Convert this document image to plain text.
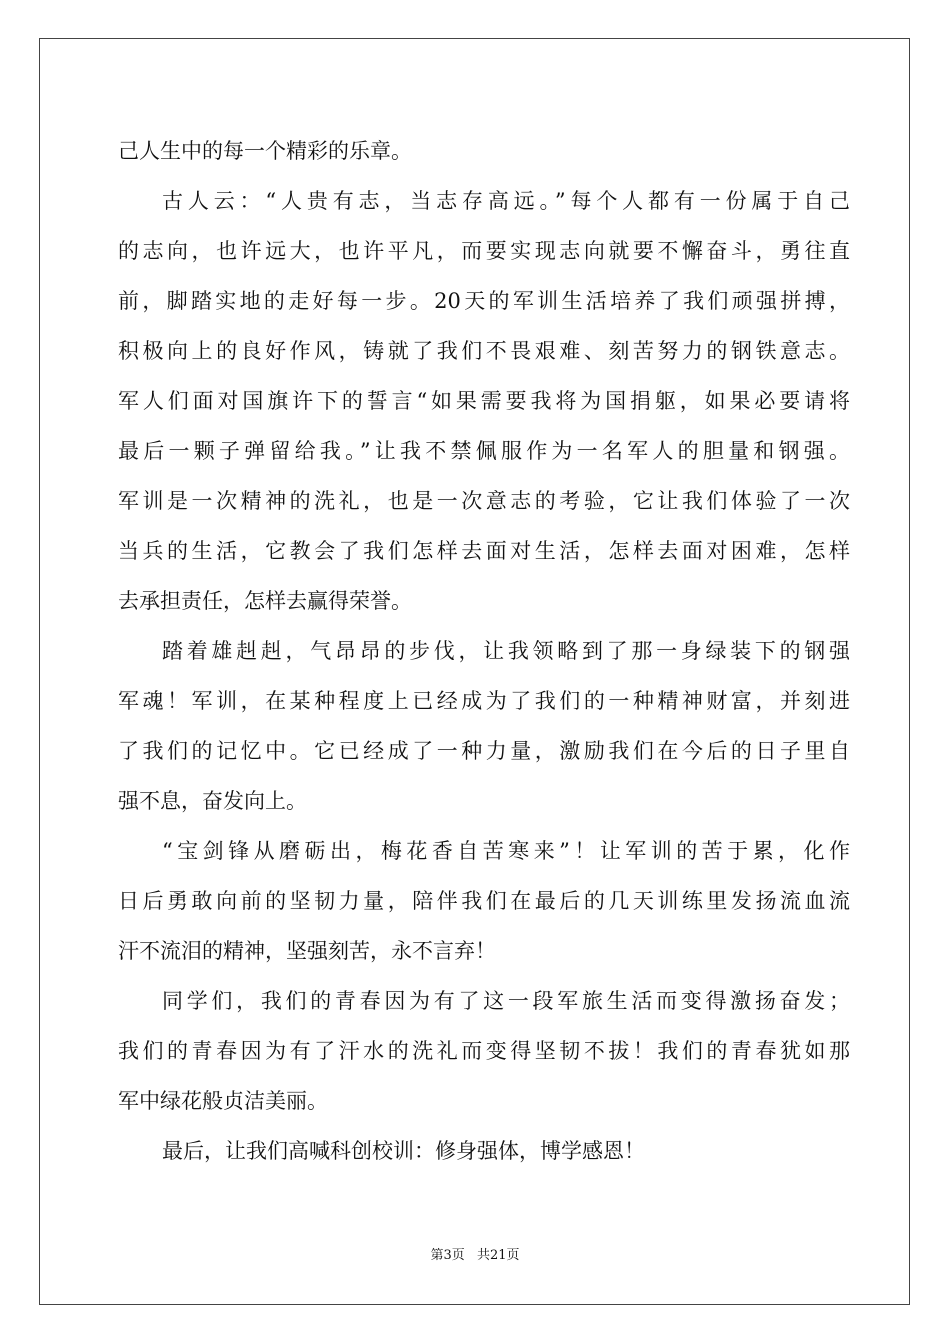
己人生中的每一个精彩的乐章。
古人云：“人贵有志，当志存高远。”每个人都有一份属于自己
的志向，也许远大，也许平凡，而要实现志向就要不懈奋斗，勇往直
前，脚踏实地的走好每一步。20天的军训生活培养了我们顽强拼搏，
积极向上的良好作风，铸就了我们不畏艰难、刻苦努力的钢铁意志。
军人们面对国旗许下的誓言“如果需要我将为国捐躯，如果必要请将
最后一颗子弹留给我。”让我不禁佩服作为一名军人的胆量和钢强。
军训是一次精神的洗礼，也是一次意志的考验，它让我们体验了一次
当兵的生活，它教会了我们怎样去面对生活，怎样去面对困难，怎样
去承担责任，怎样去赢得荣誉。
踏着雄赳赳，气昂昂的步伐，让我领略到了那一身绿装下的钢强
军魂！军训，在某种程度上已经成为了我们的一种精神财富，并刻进
了我们的记忆中。它已经成了一种力量，激励我们在今后的日子里自
强不息，奋发向上。
“宝剑锋从磨砺出，梅花香自苦寒来”！让军训的苦于累，化作
日后勇敢向前的坚韧力量，陪伴我们在最后的几天训练里发扬流血流
汗不流泪的精神，坚强刻苦，永不言弃！
同学们，我们的青春因为有了这一段军旅生活而变得激扬奋发；
我们的青春因为有了汗水的洗礼而变得坚韧不拔！我们的青春犹如那
军中绿花般贞洁美丽。
最后，让我们高喊科创校训：修身强体，博学感恩！
第3页 共21页
